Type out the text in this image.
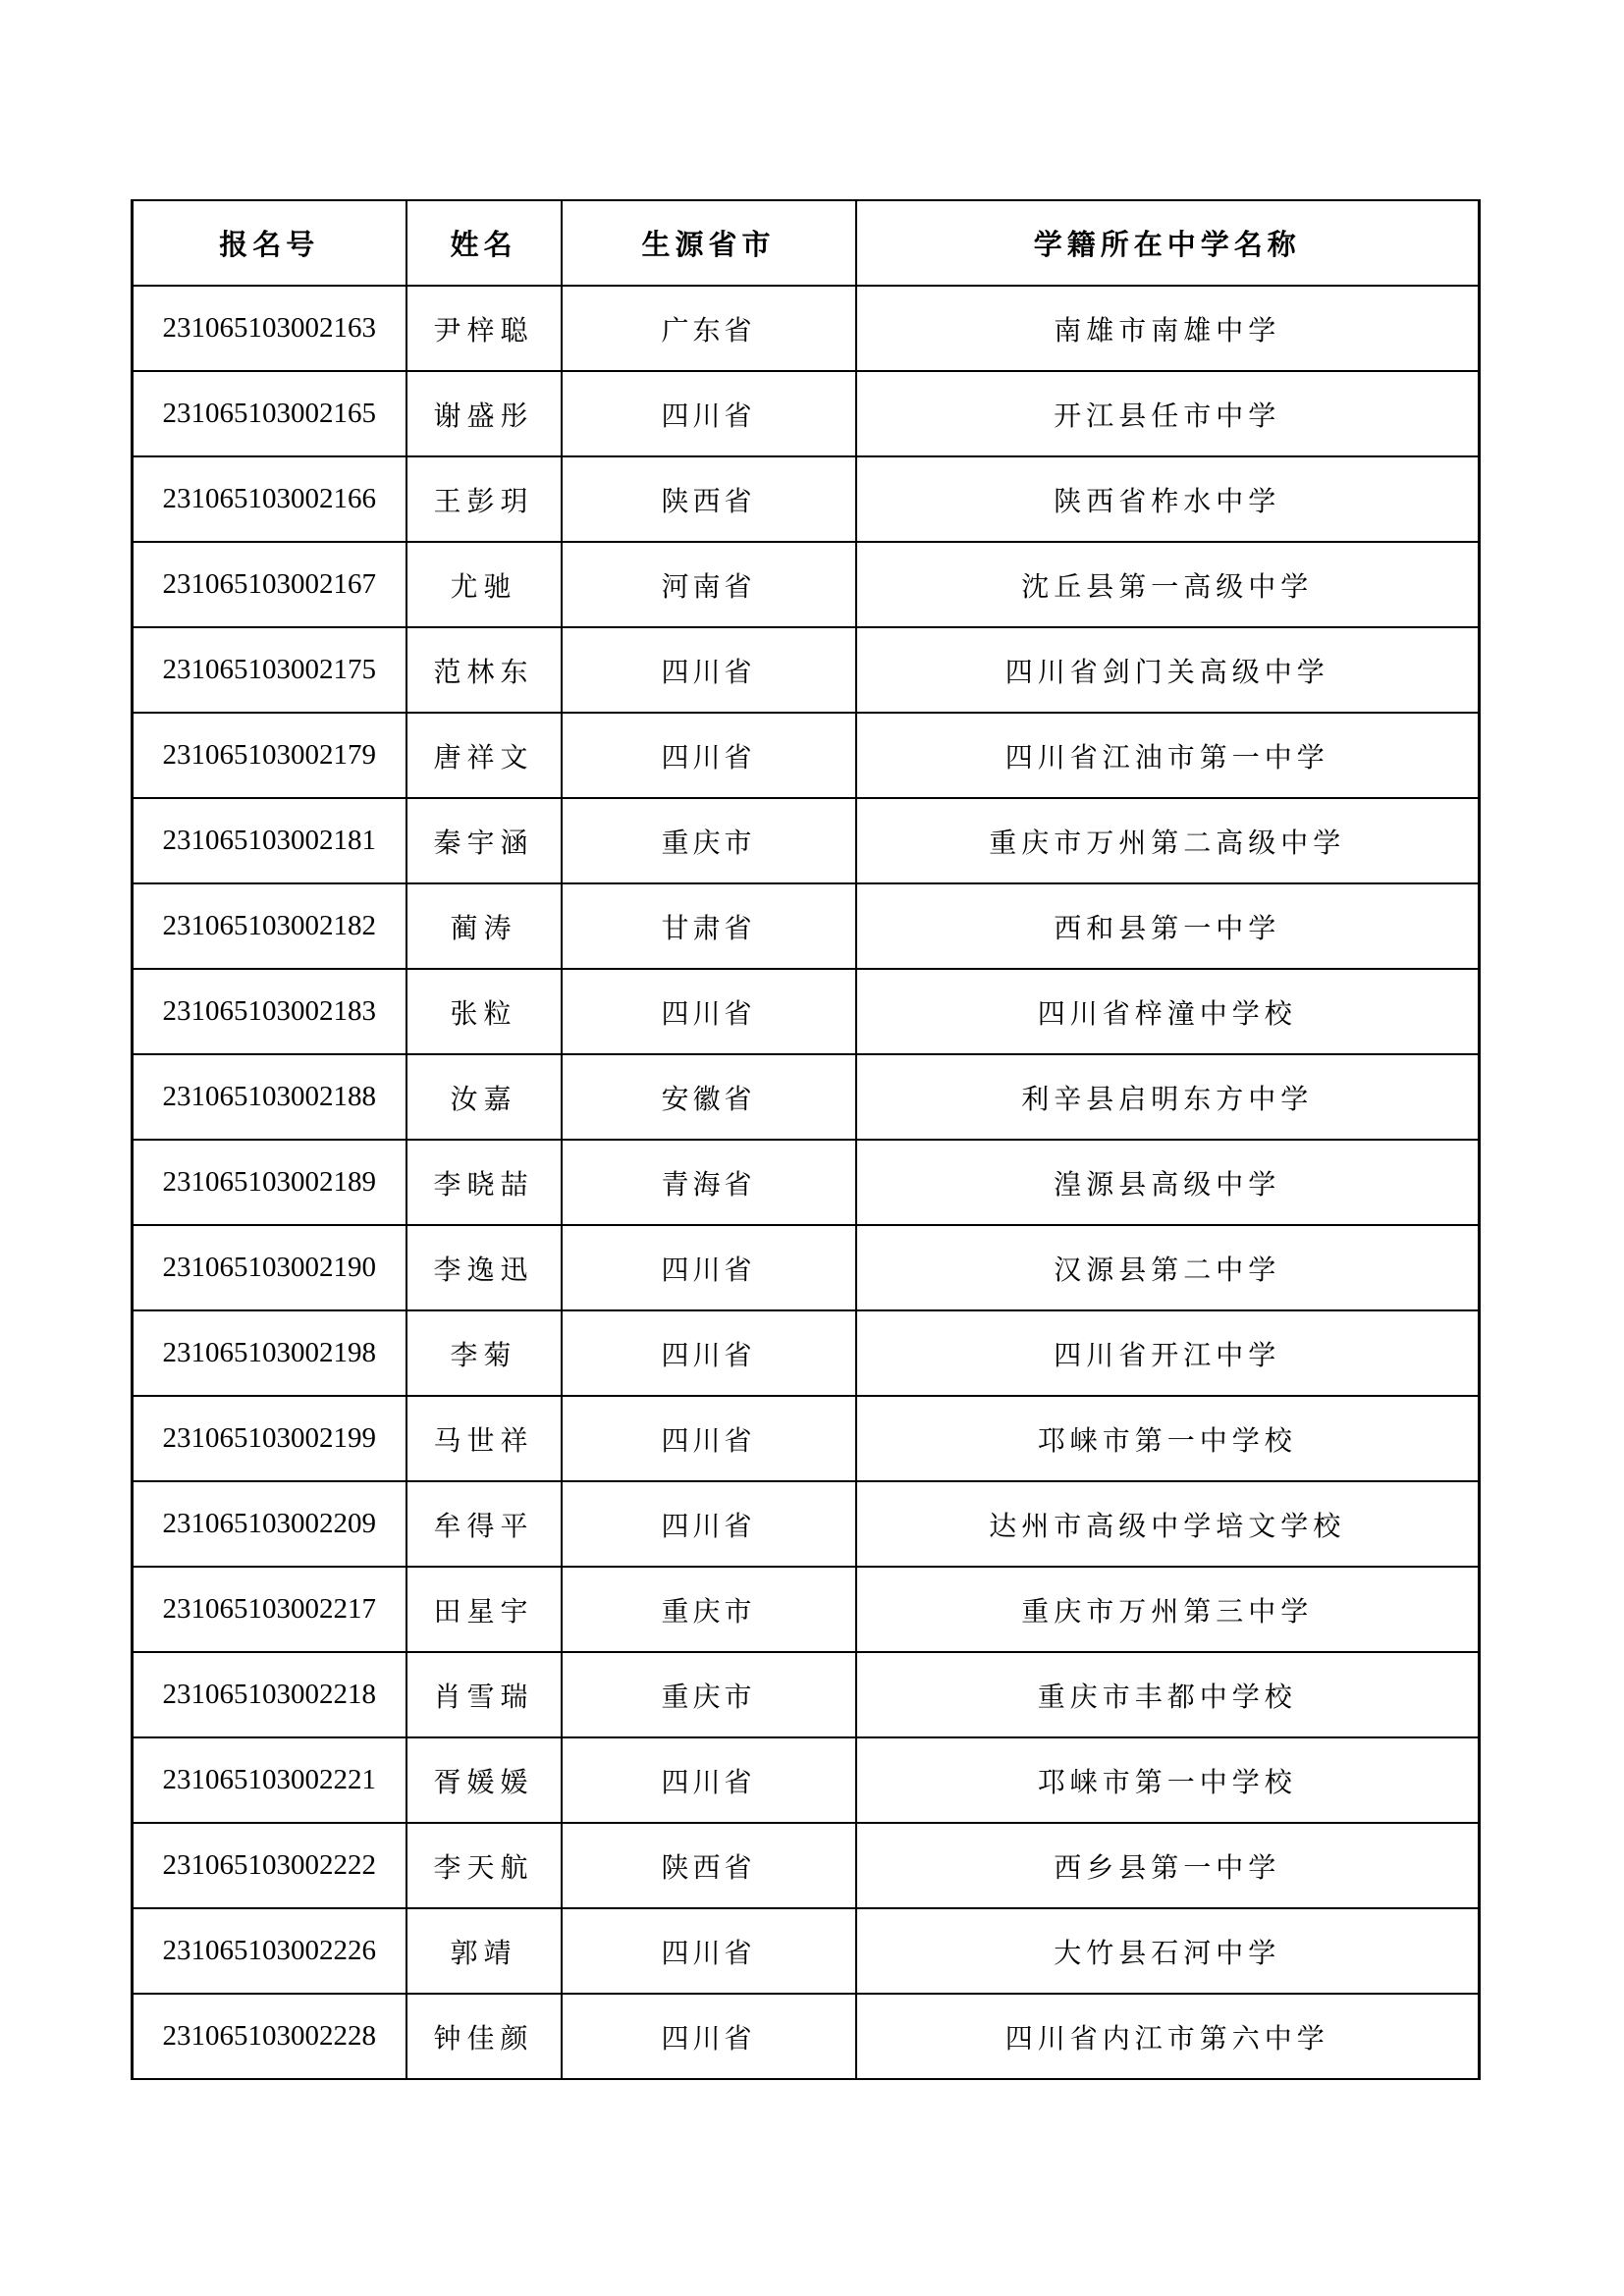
报名号	姓名	生源省市	学籍所在中学名称
231065103002163	尹梓聪	广东省	南雄市南雄中学
231065103002165	谢盛彤	四川省	开江县任市中学
231065103002166	王彭玥	陕西省	陕西省柞水中学
231065103002167	尤驰	河南省	沈丘县第一高级中学
231065103002175	范林东	四川省	四川省剑门关高级中学
231065103002179	唐祥文	四川省	四川省江油市第一中学
231065103002181	秦宇涵	重庆市	重庆市万州第二高级中学
231065103002182	蔺涛	甘肃省	西和县第一中学
231065103002183	张粒	四川省	四川省梓潼中学校
231065103002188	汝嘉	安徽省	利辛县启明东方中学
231065103002189	李晓喆	青海省	湟源县高级中学
231065103002190	李逸迅	四川省	汉源县第二中学
231065103002198	李菊	四川省	四川省开江中学
231065103002199	马世祥	四川省	邛崃市第一中学校
231065103002209	牟得平	四川省	达州市高级中学培文学校
231065103002217	田星宇	重庆市	重庆市万州第三中学
231065103002218	肖雪瑞	重庆市	重庆市丰都中学校
231065103002221	胥媛媛	四川省	邛崃市第一中学校
231065103002222	李天航	陕西省	西乡县第一中学
231065103002226	郭靖	四川省	大竹县石河中学
231065103002228	钟佳颜	四川省	四川省内江市第六中学
